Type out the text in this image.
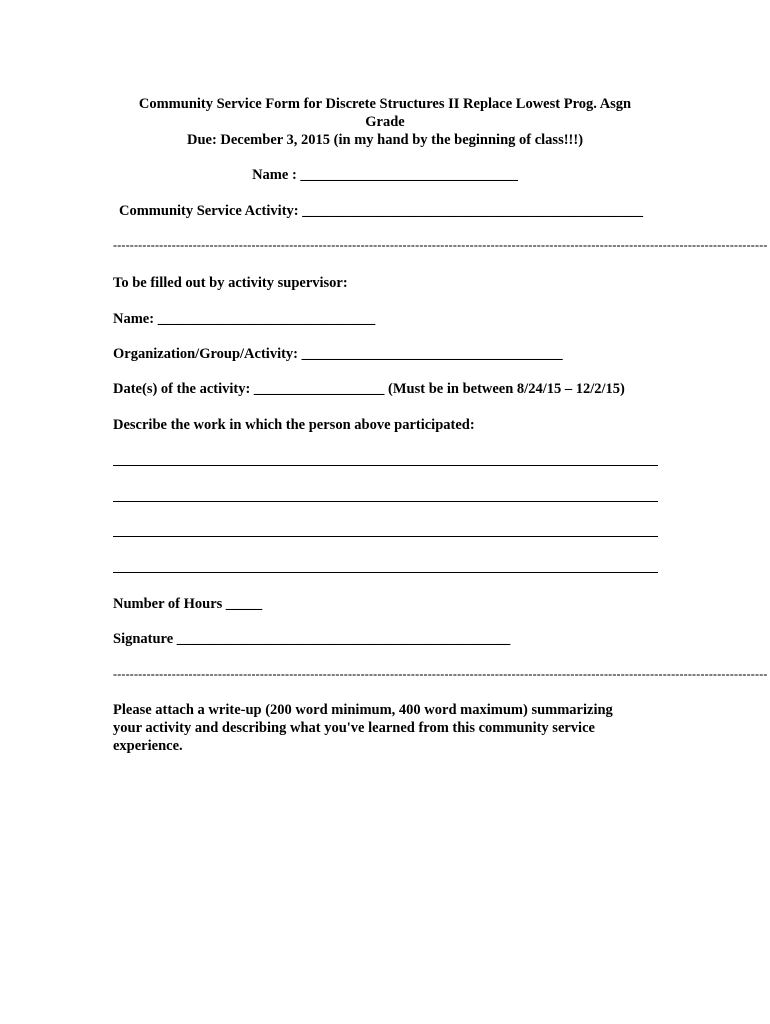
Community Service Form for Discrete Structures II Replace Lowest Prog. Asgn
Grade
Due: December 3, 2015 (in my hand by the beginning of class!!!)
Name : ______________________________
Community Service Activity: _______________________________________________
------------------------------------------------------------------------------------------------------------------------------------------------------------
To be filled out by activity supervisor:
Name: ______________________________
Organization/Group/Activity: ____________________________________
Date(s) of the activity: __________________ (Must be in between 8/24/15 – 12/2/15)
Describe the work in which the person above participated:
Number of Hours _____
Signature ______________________________________________
------------------------------------------------------------------------------------------------------------------------------------------------------------
Please attach a write-up (200 word minimum, 400 word maximum) summarizing
your activity and describing what you've learned from this community service
experience.
